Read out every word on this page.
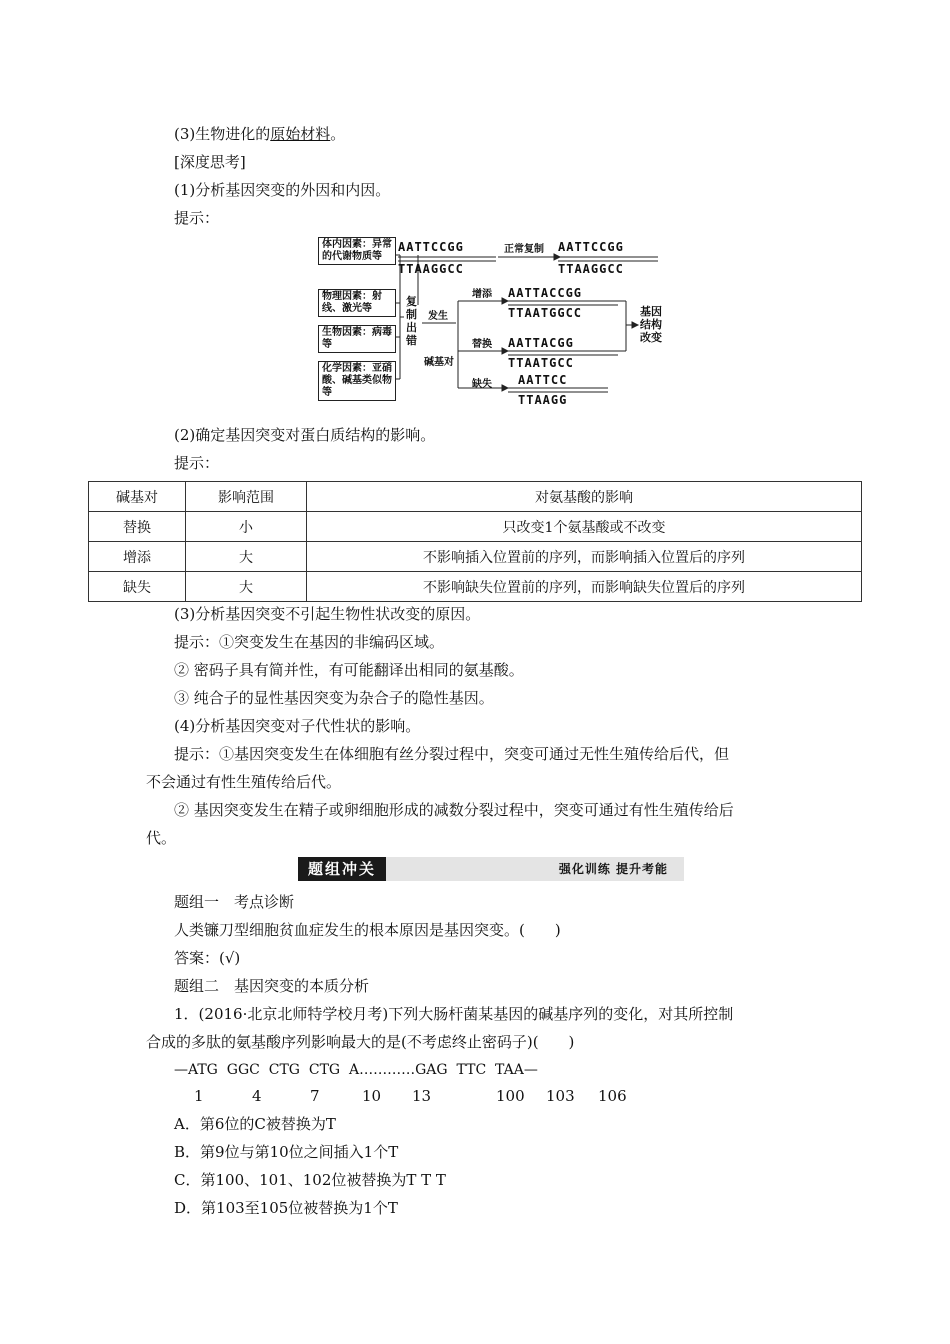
(3)生物进化的原始材料。
[深度思考]
(1)分析基因突变的外因和内因。
提示：
体内因素：异常的代谢物质等
物理因素：射线、激光等
生物因素：病毒等
化学因素：亚硝酸、碱基类似物等
AATTCCGG
TTAAGGCC
正常复制 AATTCCGG
TTAAGGCC
复制出错
发生
碱基对
增添 AATTACCGG
TTAATGGCC
替换 AATTACGG
TTAATGCC
缺失 AATTCC
TTAAGG
基因结构改变
(2)确定基因突变对蛋白质结构的影响。
提示：
碱基对	影响范围	对氨基酸的影响
替换	小	只改变1个氨基酸或不改变
增添	大	不影响插入位置前的序列，而影响插入位置后的序列
缺失	大	不影响缺失位置前的序列，而影响缺失位置后的序列
(3)分析基因突变不引起生物性状改变的原因。
提示：①突变发生在基因的非编码区域。
② 密码子具有简并性，有可能翻译出相同的氨基酸。
③ 纯合子的显性基因突变为杂合子的隐性基因。
(4)分析基因突变对子代性状的影响。
提示：①基因突变发生在体细胞有丝分裂过程中，突变可通过无性生殖传给后代，但
不会通过有性生殖传给后代。
② 基因突变发生在精子或卵细胞形成的减数分裂过程中，突变可通过有性生殖传给后
代。
题组冲关	强化训练 提升考能
题组一　考点诊断
人类镰刀型细胞贫血症发生的根本原因是基因突变。(　　)
答案：(√)
题组二　基因突变的本质分析
1．(2016·北京北师特学校月考)下列大肠杆菌某基因的碱基序列的变化，对其所控制
合成的多肽的氨基酸序列影响最大的是(不考虑终止密码子)(　　)
—ATG  GGC  CTG  CTG  A…………GAG  TTC  TAA—
1	4	7	10 13	100 103 106
A．第6位的C被替换为T
B．第9位与第10位之间插入1个T
C．第100、101、102位被替换为T T T
D．第103至105位被替换为1个T
